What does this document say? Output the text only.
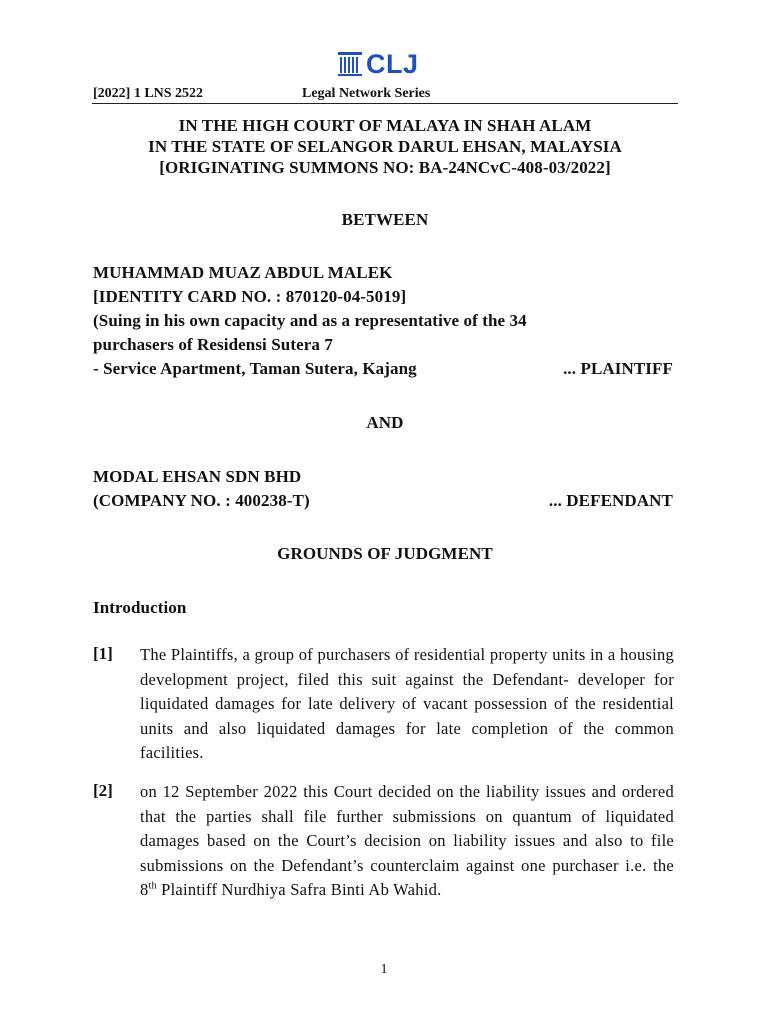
CLJ
[2022] 1 LNS 2522	Legal Network Series
IN THE HIGH COURT OF MALAYA IN SHAH ALAM
IN THE STATE OF SELANGOR DARUL EHSAN, MALAYSIA
[ORIGINATING SUMMONS NO: BA-24NCvC-408-03/2022]
BETWEEN
MUHAMMAD MUAZ ABDUL MALEK
[IDENTITY CARD NO. : 870120-04-5019]
(Suing in his own capacity and as a representative of the 34
purchasers of Residensi Sutera 7
- Service Apartment, Taman Sutera, Kajang	... PLAINTIFF
AND
MODAL EHSAN SDN BHD
(COMPANY NO. : 400238-T)	... DEFENDANT
GROUNDS OF JUDGMENT
Introduction
[1] The Plaintiffs, a group of purchasers of residential property units in a housing development project, filed this suit against the Defendant- developer for liquidated damages for late delivery of vacant possession of the residential units and also liquidated damages for late completion of the common facilities.
[2] on 12 September 2022 this Court decided on the liability issues and ordered that the parties shall file further submissions on quantum of liquidated damages based on the Court’s decision on liability issues and also to file submissions on the Defendant’s counterclaim against one purchaser i.e. the 8th Plaintiff Nurdhiya Safra Binti Ab Wahid.
1
